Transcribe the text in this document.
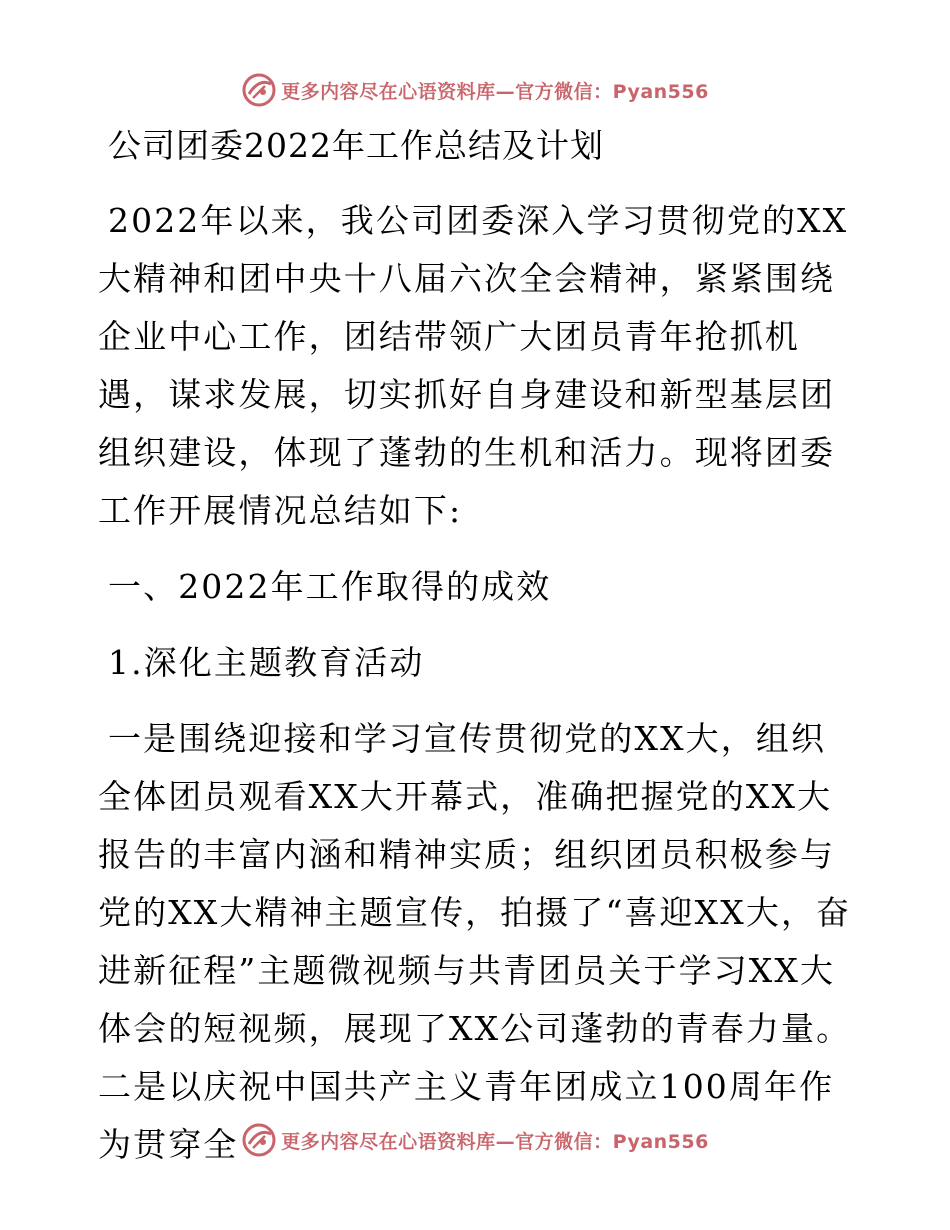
更多内容尽在心语资料库—官方微信：Pyan556

公司团委2022年工作总结及计划

2022年以来，我公司团委深入学习贯彻党的XX大精神和团中央十八届六次全会精神，紧紧围绕企业中心工作，团结带领广大团员青年抢抓机遇，谋求发展，切实抓好自身建设和新型基层团组织建设，体现了蓬勃的生机和活力。现将团委工作开展情况总结如下:

一、2022年工作取得的成效

1.深化主题教育活动

一是围绕迎接和学习宣传贯彻党的XX大，组织全体团员观看XX大开幕式，准确把握党的XX大报告的丰富内涵和精神实质；组织团员积极参与党的XX大精神主题宣传，拍摄了“喜迎XX大，奋进新征程”主题微视频与共青团员关于学习XX大体会的短视频，展现了XX公司蓬勃的青春力量。二是以庆祝中国共产主义青年团成立100周年作为贯穿全	更多内容尽在心语资料库—官方微信：Pyan556
